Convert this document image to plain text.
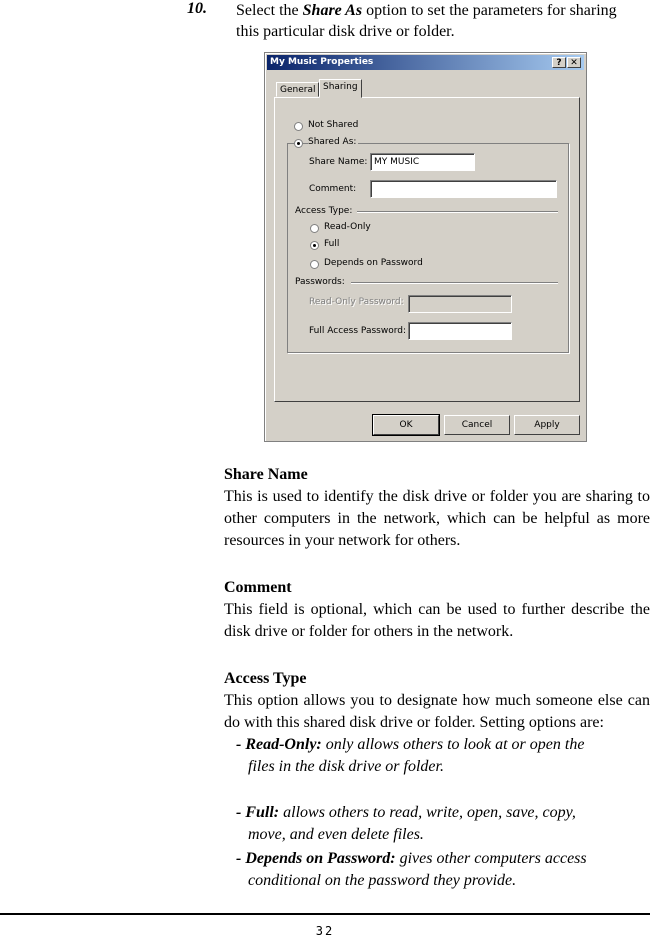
10. Select the Share As option to set the parameters for sharing this particular disk drive or folder.
My Music Properties	? ✕
General Sharing
Not Shared
Shared As:
Share Name: MY MUSIC
Comment:
Access Type:
Read-Only
Full
Depends on Password
Passwords:
Read-Only Password:
Full Access Password:
OK	Cancel	Apply
Share Name
This is used to identify the disk drive or folder you are sharing to other computers in the network, which can be helpful as more resources in your network for others.
Comment
This field is optional, which can be used to further describe the disk drive or folder for others in the network.
Access Type
This option allows you to designate how much someone else can do with this shared disk drive or folder. Setting options are:
- Read-Only: only allows others to look at or open the
files in the disk drive or folder.
- Full: allows others to read, write, open, save, copy,
move, and even delete files.
- Depends on Password: gives other computers access
conditional on the password they provide.
32
